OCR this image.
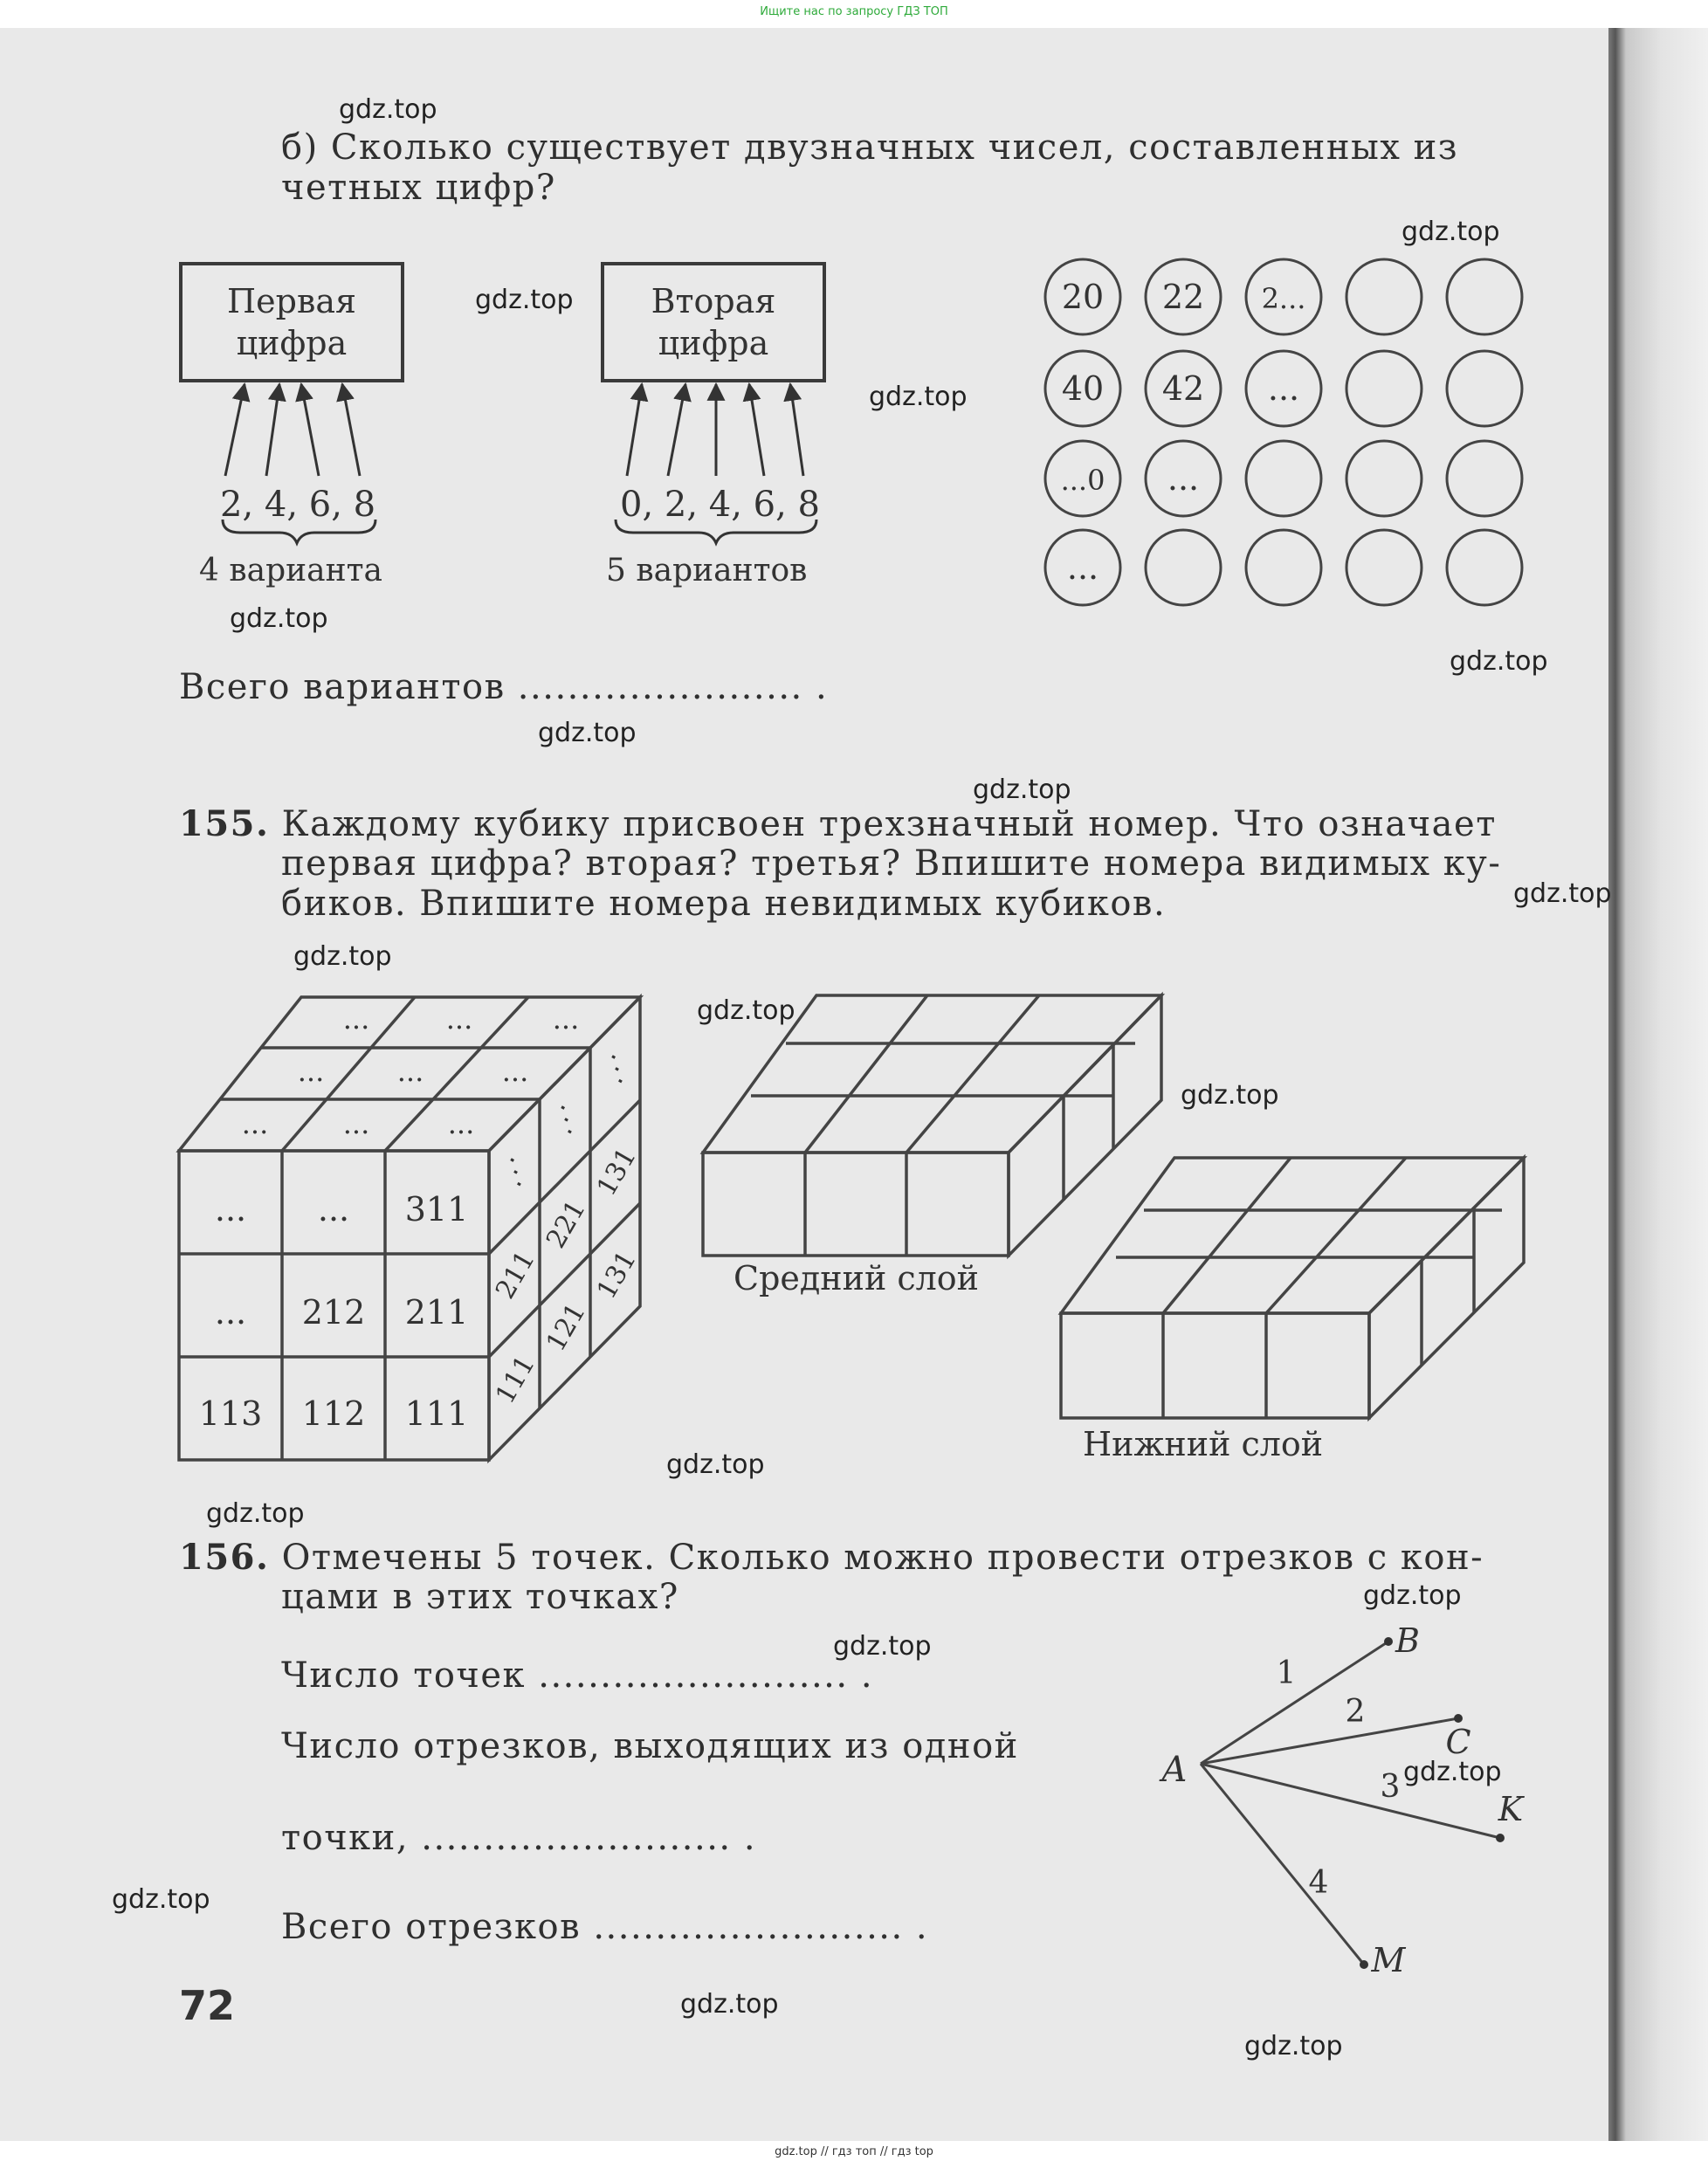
Ищите нас по запросу ГДЗ ТОП
б) Сколько существует двузначных чисел, составленных из
четных цифр?
Первая
цифра
Вторая
цифра
2, 4, 6, 8	0, 2, 4, 6, 8
4 варианта	5 вариантов
Всего вариантов ....................... .
155. Каждому кубику присвоен трехзначный номер. Что означает
первая цифра? вторая? третья? Впишите номера видимых ку-
биков. Впишите номера невидимых кубиков.
Средний слой
Нижний слой
156. Отмечены 5 точек. Сколько можно провести отрезков с кон-
цами в этих точках?
Число точек ......................... .
Число отрезков, выходящих из одной
точки, ......................... .
Всего отрезков ......................... .
72
20 22 2...
40 42 ...
...0 ...
...
... ... 311
... 212 211
113 112 111
...	...	...
...	...	...
...	...	...
⋰
⋰
⋰
211
221
131
111
121
131
A
B
C
K
M
1
2
3
4
gdz.top
gdz.top
gdz.top
gdz.top
gdz.top
gdz.top
gdz.top
gdz.top
gdz.top
gdz.top
gdz.top
gdz.top
gdz.top
gdz.top
gdz.top
gdz.top
gdz.top
gdz.top
gdz.top
gdz.top
gdz.top // гдз топ // гдз top
